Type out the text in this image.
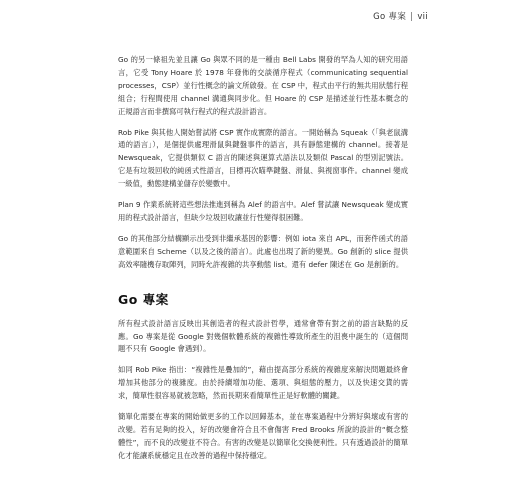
Go 專案 | vii

Go 的另一條祖先並且讓 Go 與眾不同的是一種由 Bell Labs 開發的罕為人知的研究用語言，它受 Tony Hoare 於 1978 年發佈的交談循序程式（communicating sequential processes，CSP）並行性概念的論文所啟發。在 CSP 中，程式由平行的無共用狀態行程組合；行程間使用 channel 溝通與同步化。但 Hoare 的 CSP 是描述並行性基本概念的正規語言而非撰寫可執行程式的程式設計語言。

Rob Pike 與其他人開始嘗試將 CSP 實作成實際的語言。一開始稱為 Squeak（「與老鼠溝通的語言」），是個提供處理滑鼠與鍵盤事件的語言，具有靜態建構的 channel。接著是 Newsqueak，它提供類似 C 語言的陳述與運算式語法以及類似 Pascal 的型別記號法。它是有垃圾回收的純函式性語言，目標再次瞄準鍵盤、滑鼠、與視窗事件。channel 變成一級值，動態建構並儲存於變數中。

Plan 9 作業系統將這些想法推進到稱為 Alef 的語言中。Alef 嘗試讓 Newsqueak 變成實用的程式設計語言，但缺少垃圾回收讓並行性變得很困難。

Go 的其他部分結構顯示出受到非繼承基因的影響：例如 iota 來自 APL，而套件函式的語意範圍來自 Scheme（以及之後的語言）。此處也出現了新的變異。Go 創新的 slice 提供高效率隨機存取陣列，同時允許複雜的共享動態 list。還有 defer 陳述在 Go 是創新的。

Go 專案

所有程式設計語言反映出其創造者的程式設計哲學，通常會帶有對之前的語言缺點的反應。Go 專案是從 Google 對幾個軟體系統的複雜性導致所產生的沮喪中誕生的（這個問題不只有 Google 會遇到）。

如同 Rob Pike 指出：“複雜性是疊加的”，藉由提高部分系統的複雜度來解決問題最終會增加其他部分的複雜度。由於持續增加功能、選項、與組態的壓力，以及快速交貨的需求，簡單性很容易就被忽略，然而長期來看簡單性正是好軟體的關鍵。

簡單化需要在專案的開始做更多的工作以回歸基本，並在專案過程中分辨好與壞或有害的改變。若有足夠的投入，好的改變會符合且不會傷害 Fred Brooks 所說的設計的“概念整體性”，而不良的改變並不符合。有害的改變是以簡單化交換便利性。只有透過設計的簡單化才能讓系統穩定且在改善的過程中保持穩定。
